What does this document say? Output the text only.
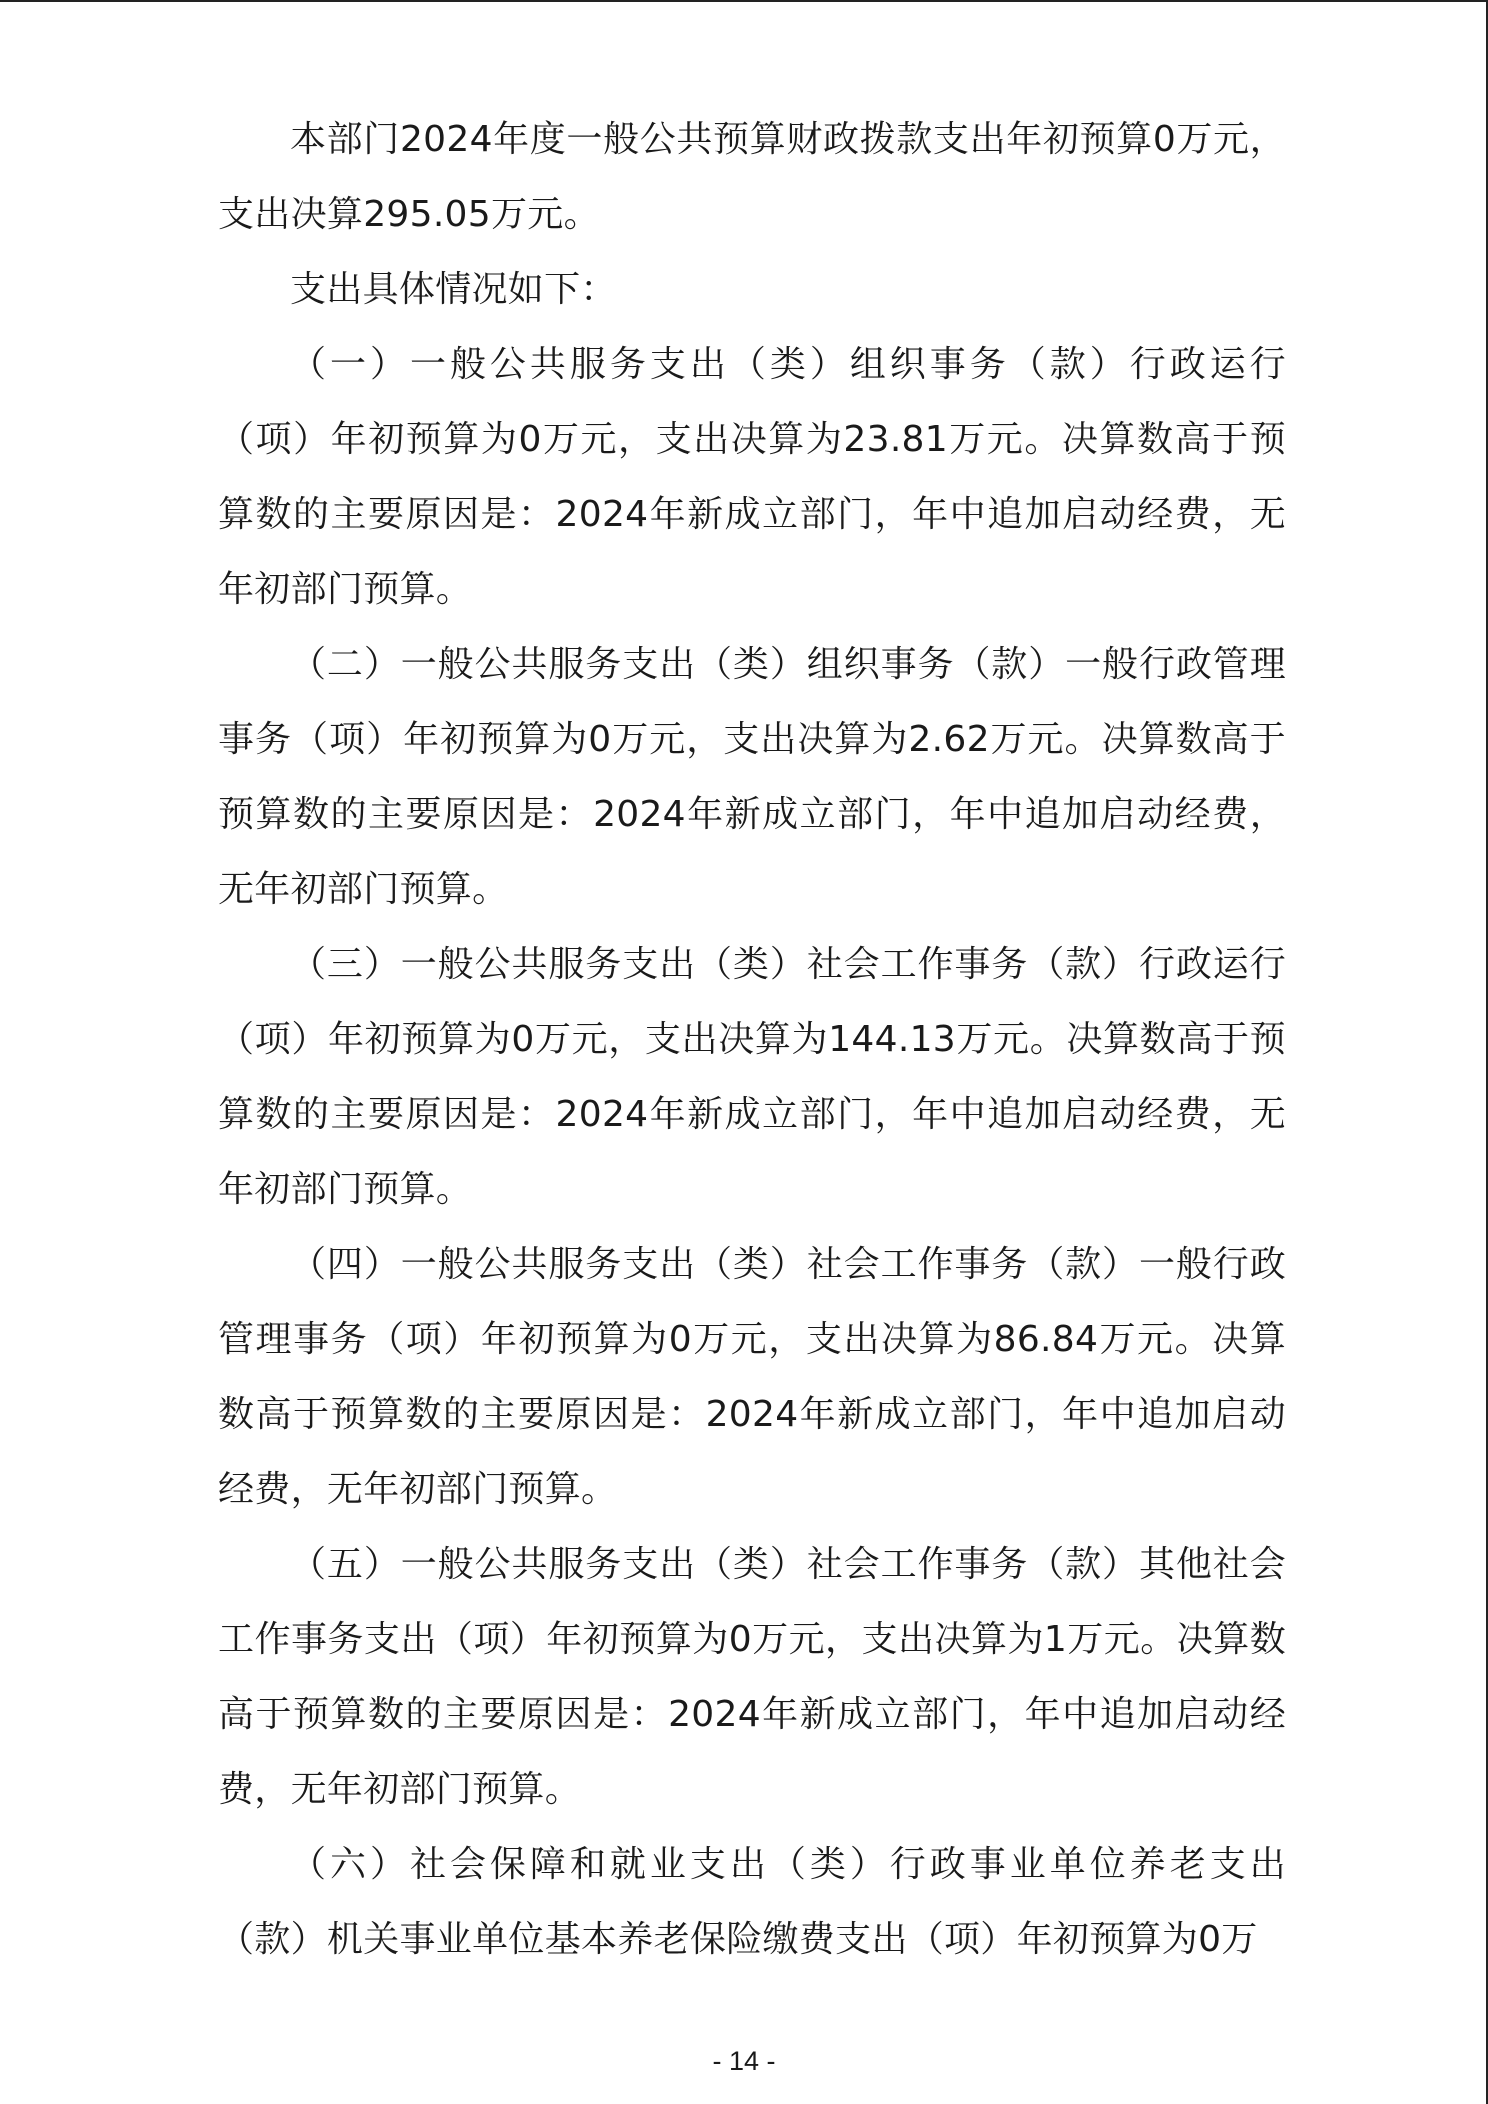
本部门2024年度一般公共预算财政拨款支出年初预算0万元，支出决算295.05万元。

支出具体情况如下：

（一）一般公共服务支出（类）组织事务（款）行政运行（项）年初预算为0万元，支出决算为23.81万元。决算数高于预算数的主要原因是：2024年新成立部门，年中追加启动经费，无年初部门预算。

（二）一般公共服务支出（类）组织事务（款）一般行政管理事务（项）年初预算为0万元，支出决算为2.62万元。决算数高于预算数的主要原因是：2024年新成立部门，年中追加启动经费，无年初部门预算。

（三）一般公共服务支出（类）社会工作事务（款）行政运行（项）年初预算为0万元，支出决算为144.13万元。决算数高于预算数的主要原因是：2024年新成立部门，年中追加启动经费，无年初部门预算。

（四）一般公共服务支出（类）社会工作事务（款）一般行政管理事务（项）年初预算为0万元，支出决算为86.84万元。决算数高于预算数的主要原因是：2024年新成立部门，年中追加启动经费，无年初部门预算。

（五）一般公共服务支出（类）社会工作事务（款）其他社会工作事务支出（项）年初预算为0万元，支出决算为1万元。决算数高于预算数的主要原因是：2024年新成立部门，年中追加启动经费，无年初部门预算。

（六）社会保障和就业支出（类）行政事业单位养老支出（款）机关事业单位基本养老保险缴费支出（项）年初预算为0万

- 14 -
